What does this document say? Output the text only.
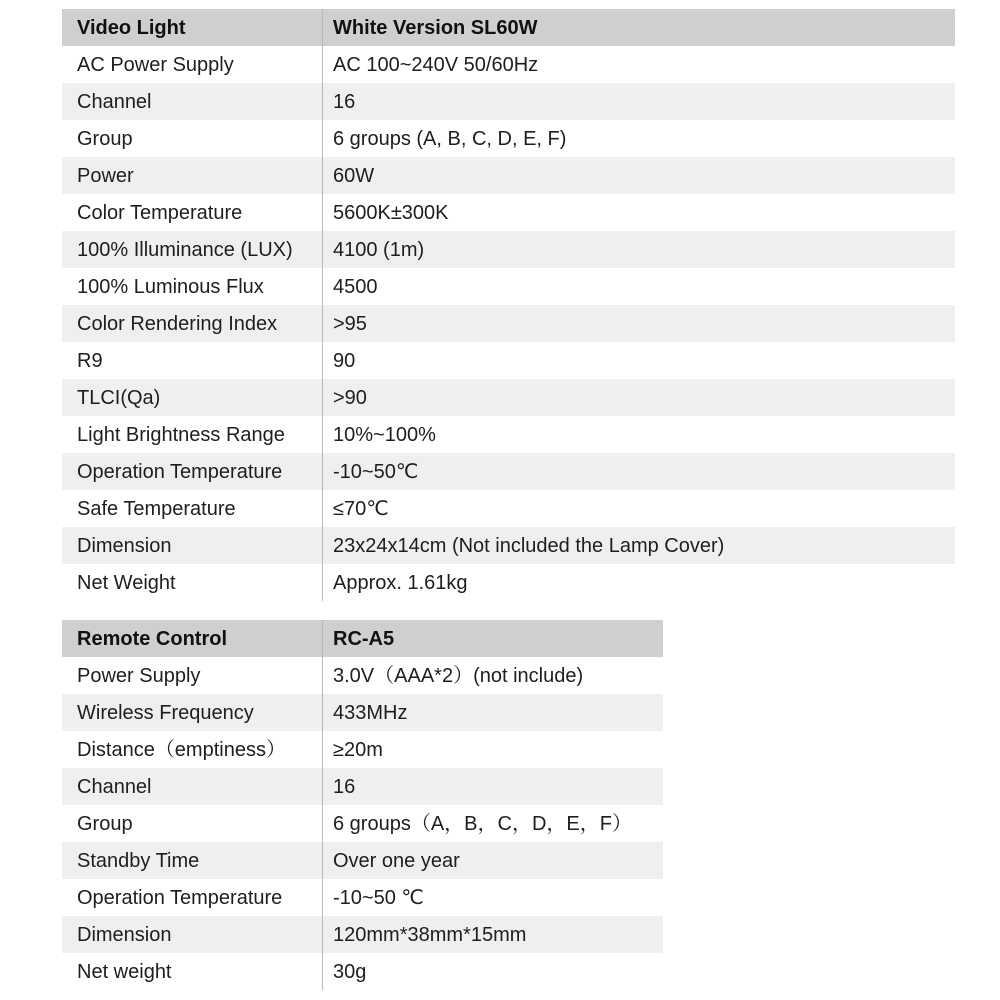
Video Light	White Version SL60W
AC Power Supply	AC 100~240V 50/60Hz
Channel	16
Group	6 groups (A, B, C, D, E, F)
Power	60W
Color Temperature	5600K±300K
100% Illuminance (LUX)	4100 (1m)
100% Luminous Flux	4500
Color Rendering Index	>95
R9	90
TLCI(Qa)	>90
Light Brightness Range	10%~100%
Operation Temperature	-10~50℃
Safe Temperature	≤70℃
Dimension	23x24x14cm (Not included the Lamp Cover)
Net Weight	Approx. 1.61kg
Remote Control	RC-A5
Power Supply	3.0V（AAA*2）(not include)
Wireless Frequency	433MHz
Distance（emptiness）	≥20m
Channel	16
Group	6 groups（A，B，C，D，E，F）
Standby Time	Over one year
Operation Temperature	-10~50 ℃
Dimension	120mm*38mm*15mm
Net weight	30g
